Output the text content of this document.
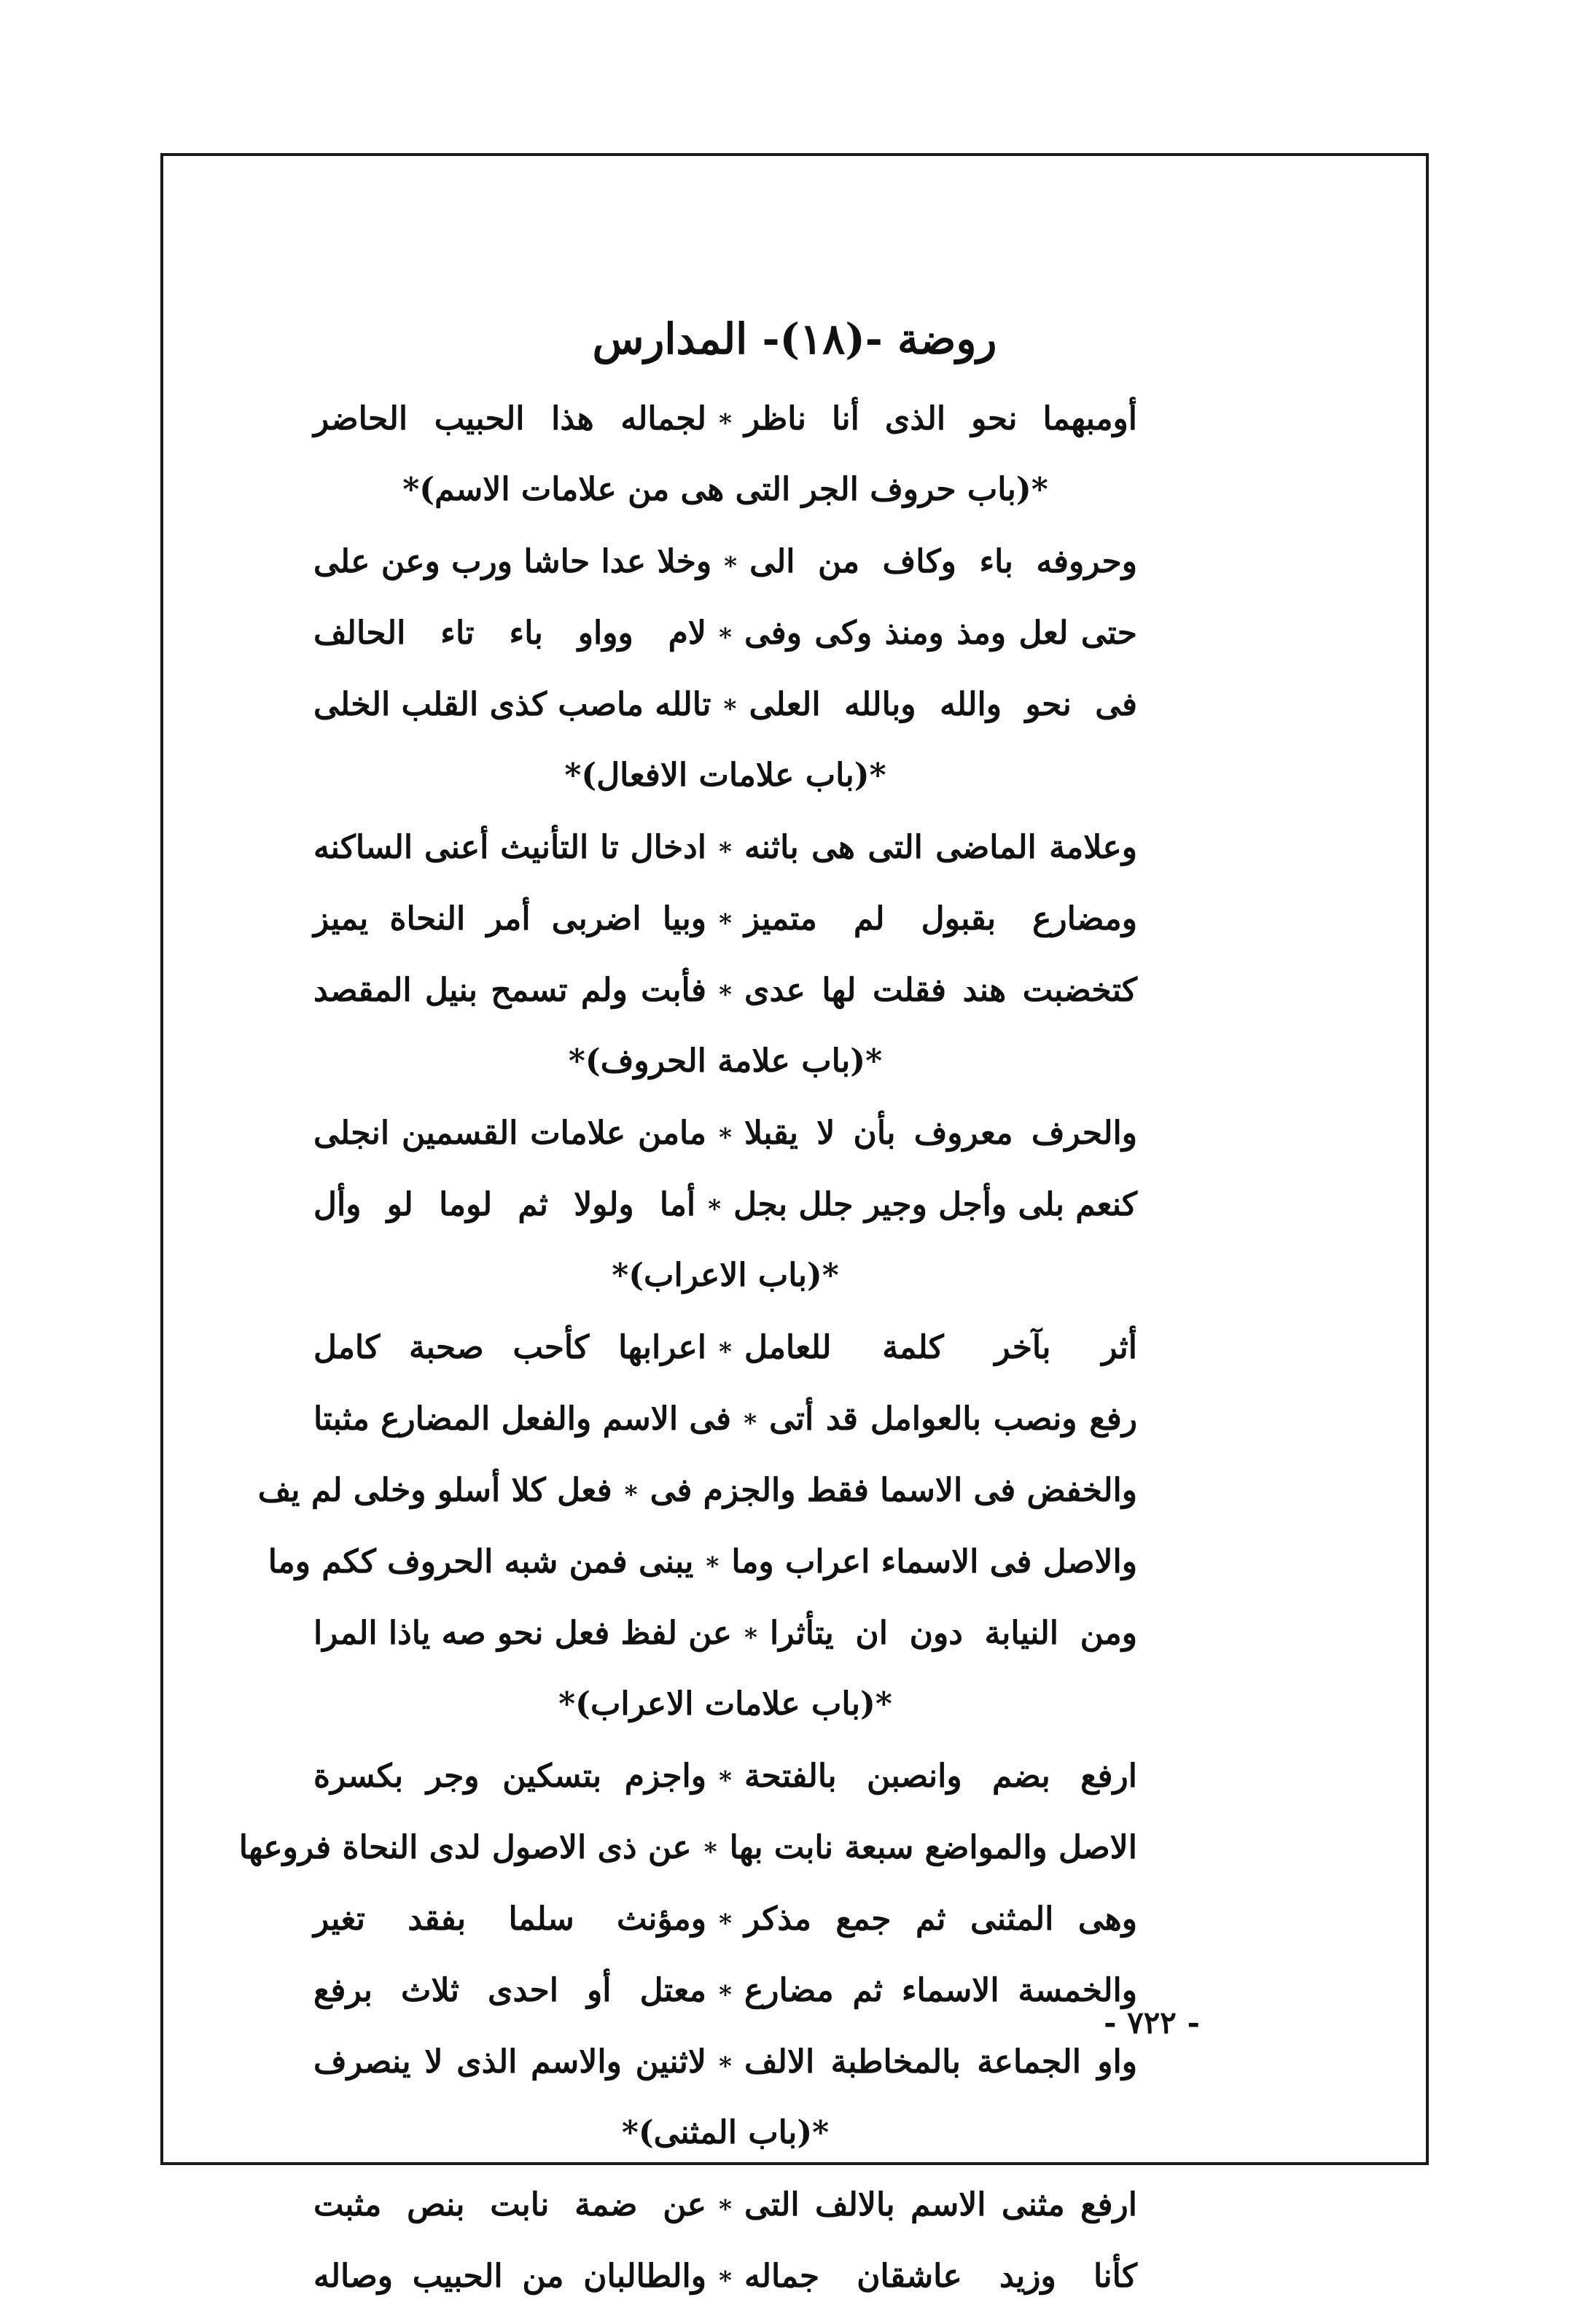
روضة -(١٨)- المدارس
أومبهما نحو الذى أنا ناظر
∗
لجماله هذا الحبيب الحاضر
*(باب حروف الجر التى هى من علامات الاسم)*
وحروفه باء وكاف من الى
∗
وخلا عدا حاشا ورب وعن على
حتى لعل ومذ ومنذ وكى وفى
∗
لام وواو باء تاء الحالف
فى نحو والله وبالله العلى
∗
تالله ماصب كذى القلب الخلى
*(باب علامات الافعال)*
وعلامة الماضى التى هى باثنه
∗
ادخال تا التأنيث أعنى الساكنه
ومضارع بقبول لم متميز
∗
وبيا اضربى أمر النحاة يميز
كتخضبت هند فقلت لها عدى
∗
فأبت ولم تسمح بنيل المقصد
*(باب علامة الحروف)*
والحرف معروف بأن لا يقبلا
∗
مامن علامات القسمين انجلى
كنعم بلى وأجل وجير جلل بجل
∗
أما ولولا ثم لوما لو وأل
*(باب الاعراب)*
أثر بآخر كلمة للعامل
∗
اعرابها كأحب صحبة كامل
رفع ونصب بالعوامل قد أتى
∗
فى الاسم والفعل المضارع مثبتا
والخفض فى الاسما فقط والجزم فى
∗
فعل كلا أسلو وخلى لم يف
والاصل فى الاسماء اعراب وما
∗
يبنى فمن شبه الحروف ككم وما
ومن النيابة دون ان يتأثرا
∗
عن لفظ فعل نحو صه ياذا المرا
*(باب علامات الاعراب)*
ارفع بضم وانصبن بالفتحة
∗
واجزم بتسكين وجر بكسرة
الاصل والمواضع سبعة نابت بها
∗
عن ذى الاصول لدى النحاة فروعها
وهى المثنى ثم جمع مذكر
∗
ومؤنث سلما بفقد تغير
والخمسة الاسماء ثم مضارع
∗
معتل أو احدى ثلاث برفع
واو الجماعة بالمخاطبة الالف
∗
لاثنين والاسم الذى لا ينصرف
*(باب المثنى)*
ارفع مثنى الاسم بالالف التى
∗
عن ضمة نابت بنص مثبت
كأنا وزيد عاشقان جماله
∗
والطالبان من الحبيب وصاله
- ٧٢٢ -
